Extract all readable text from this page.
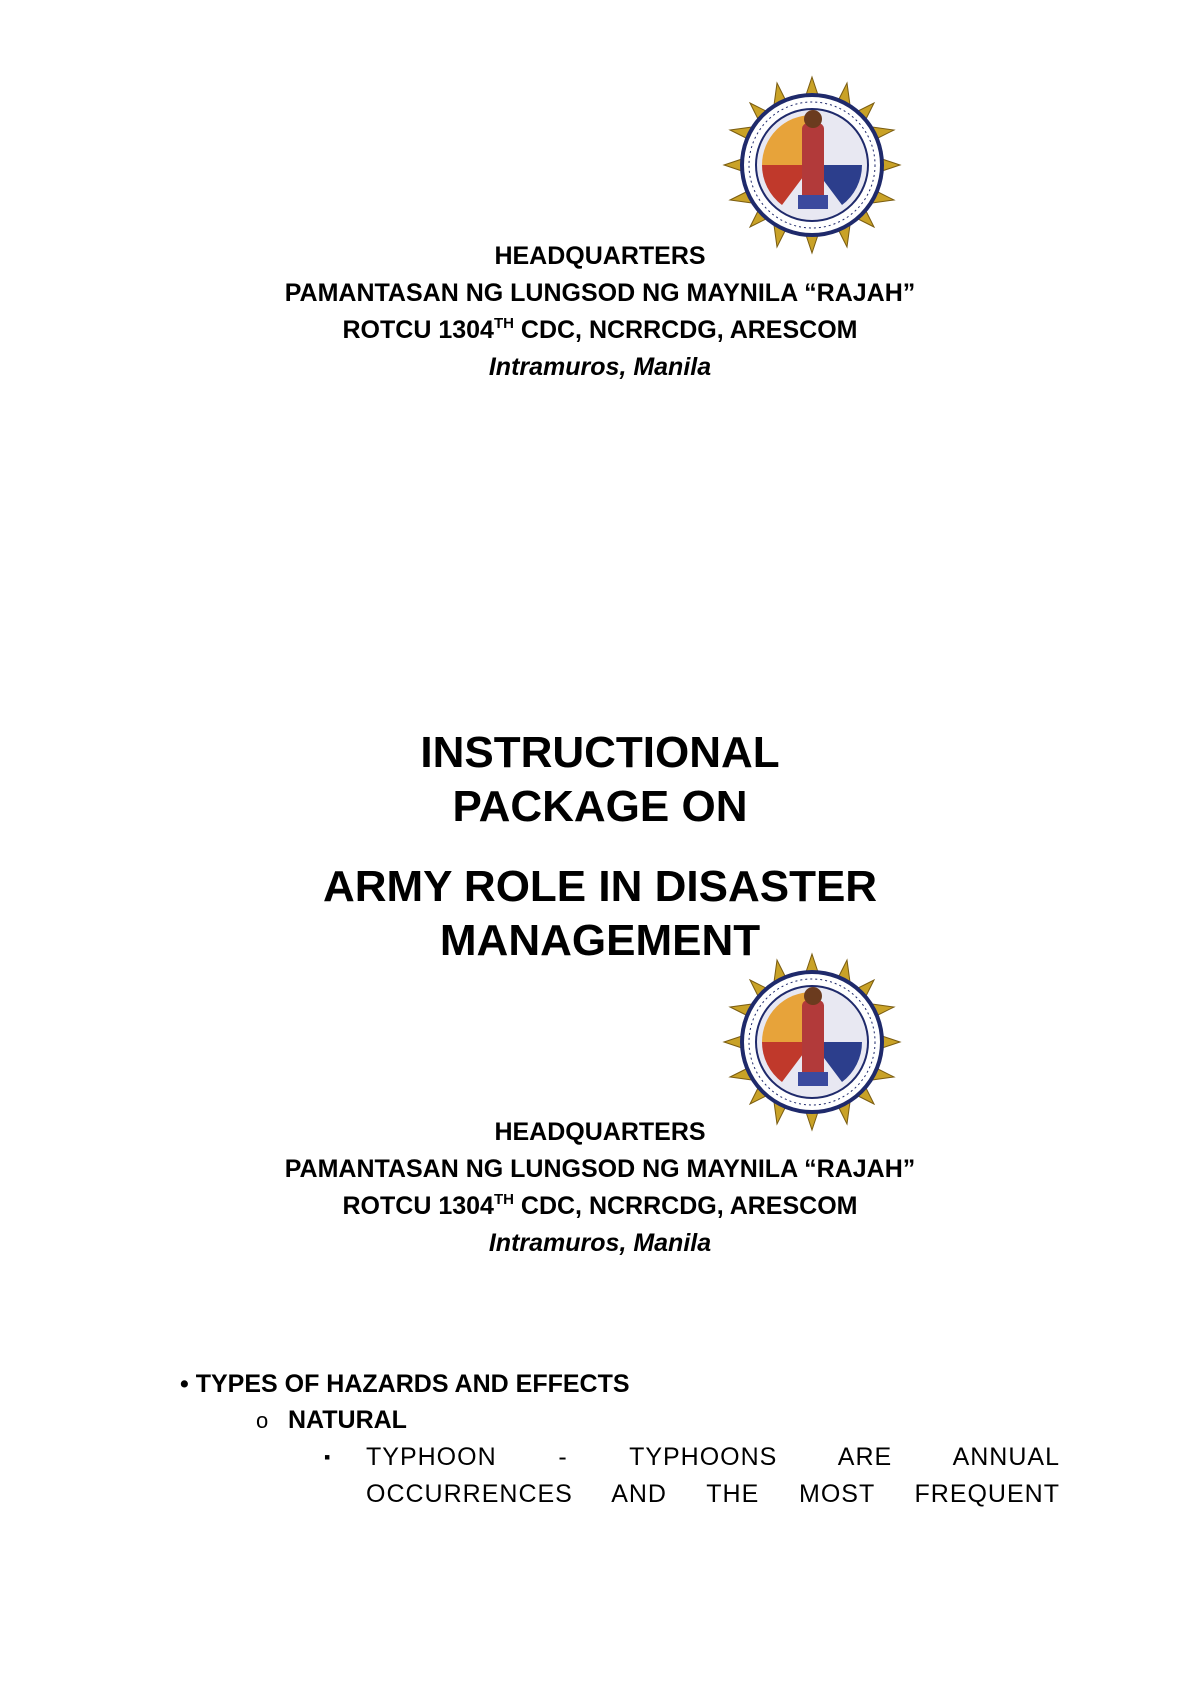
HEADQUARTERS
PAMANTASAN NG LUNGSOD NG MAYNILA “RAJAH”
ROTCU 1304TH CDC, NCRRCDG, ARESCOM
Intramuros, Manila
INSTRUCTIONAL
PACKAGE ON
ARMY ROLE IN DISASTER
MANAGEMENT
HEADQUARTERS
PAMANTASAN NG LUNGSOD NG MAYNILA “RAJAH”
ROTCU 1304TH CDC, NCRRCDG, ARESCOM
Intramuros, Manila
• TYPES OF HAZARDS AND EFFECTS
o NATURAL
▪ TYPHOON - TYPHOONS ARE ANNUAL
OCCURRENCES AND THE MOST FREQUENT
